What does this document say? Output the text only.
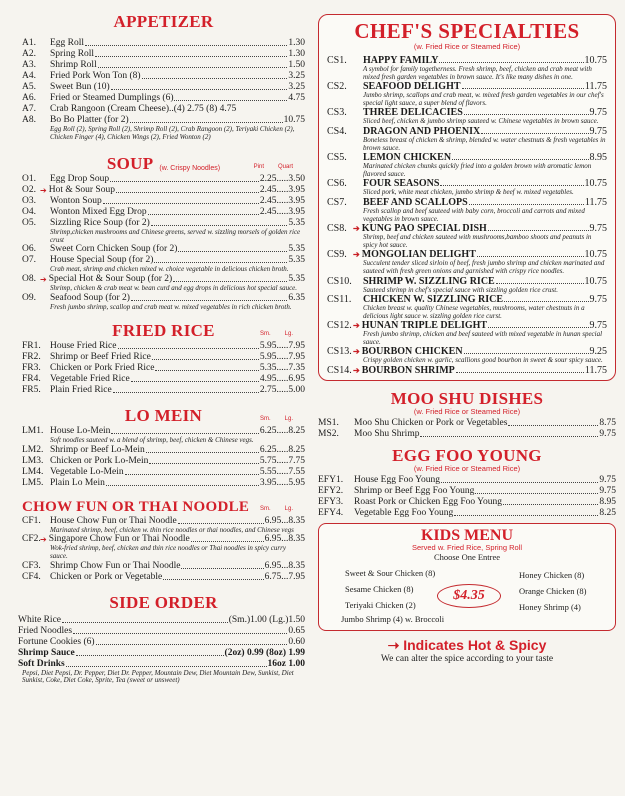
APPETIZER
A1.	Egg Roll	1.30
A2.	Spring Roll	1.30
A3.	Shrimp Roll	1.50
A4.	Fried Pork Won Ton (8)	3.25
A5.	Sweet Bun (10)	3.25
A6.	Fried or Steamed Dumplings (6)	4.75
A7.	Crab Rangoon (Cream Cheese)..(4) 2.75 (8) 4.75
A8.	Bo Bo Platter (for 2)	10.75
Egg Roll (2), Spring Roll (2), Shrimp Roll (2), Crab Rangoon (2), Teriyaki Chicken (2), Chicken Finger (4), Chicken Wings (2), Fried Wonton (2)
SOUP (w. Crispy Noodles)	Pint Quart
O1.	Egg Drop Soup	2.25.....3.50
O2. ➔ Hot & Sour Soup	2.45.....3.95
O3.	Wonton Soup	2.45.....3.95
O4.	Wonton Mixed Egg Drop	2.45.....3.95
O5.	Sizzling Rice Soup (for 2)	5.35
Shrimp,chicken mushrooms and Chinese greens, served w. sizzling morsels of golden rice crust
O6.	Sweet Corn Chicken Soup (for 2)	5.35
O7.	House Special Soup (for 2)	5.35
Crab meat, shrimp and chicken mixed w. choice vegetable in delicious chicken broth.
O8. ➔ Special Hot & Sour Soup (for 2)	5.35
Shrimp, chicken & crab meat w. bean curd and egg drops in delicious hot special sauce.
O9.	Seafood Soup (for 2)	6.35
Fresh jumbo shrimp, scallop and crab meat w. mixed vegetables in rich chicken broth.
FRIED RICE	Sm. Lg.
FR1. House Fried Rice	5.95.....7.95
FR2. Shrimp or Beef Fried Rice	5.95.....7.95
FR3. Chicken or Pork Fried Rice	5.35.....7.35
FR4. Vegetable Fried Rice	4.95.....6.95
FR5. Plain Fried Rice	2.75.....5.00
LO MEIN	Sm. Lg.
LM1. House Lo-Mein	6.25.....8.25
Soft noodles sauteed w. a blend of shrimp, beef, chicken & Chinese vegs.
LM2. Shrimp or Beef Lo-Mein	6.25.....8.25
LM3. Chicken or Pork Lo-Mein	5.75.....7.75
LM4. Vegetable Lo-Mein	5.55.....7.55
LM5. Plain Lo Mein	3.95.....5.95
CHOW FUN OR THAI NOODLE	Sm. Lg.
CF1. House Chow Fun or Thai Noodle	6.95...8.35
Marinated shrimp, beef, chicken w. thin rice noodles or thai noodles, and Chinese vegs
CF2. ➔ Singapore Chow Fun or Thai Noodle	6.95...8.35
Wok-fried shrimp, beef, chicken and thin rice noodles or Thai noodles in spicy curry sauce.
CF3. Shrimp Chow Fun or Thai Noodle	6.95...8.35
CF4. Chicken or Pork or Vegetable	6.75...7.95
SIDE ORDER
White Rice	(Sm.)1.00 (Lg.)1.50
Fried Noodles	0.65
Fortune Cookies (6)	0.60
Shrimp Sauce	(2oz) 0.99 (8oz) 1.99
Soft Drinks	16oz 1.00
Pepsi, Diet Pepsi, Dr. Pepper, Diet Dr. Pepper, Mountain Dew, Diet Mountain Dew, Sunkist, Diet Sunkist, Coke, Diet Coke, Sprite, Tea (sweet or unsweet)
CHEF'S SPECIALTIES
(w. Fried Rice or Steamed Rice)
CS1.	HAPPY FAMILY	10.75
A symbol for family togetherness. Fresh shrimp, beef, chicken and crab meat with mixed fresh garden vegetables in brown sauce. It's like many dishes in one.
CS2.	SEAFOOD DELIGHT	11.75
Jumbo shrimp, scallops and crab meat, w. mixed fresh garden vegetables in our chef's special light sauce, a super blend of flavors.
CS3.	THREE DELICACIES	9.75
Sliced beef, chicken & jumbo shrimp sauteed w. Chinese vegetables in brown sauce.
CS4.	DRAGON AND PHOENIX	9.75
Boneless breast of chicken & shrimp, blended w. water chestnuts & fresh vegetables in brown sauce.
CS5.	LEMON CHICKEN	8.95
Marinated chicken chunks quickly fried into a golden brown with aromatic lemon flavored sauce.
CS6.	FOUR SEASONS	10.75
Sliced pork, white meat chicken, jumbo shrimp & beef w. mixed vegetables.
CS7.	BEEF AND SCALLOPS	11.75
Fresh scallop and beef sauteed with baby corn, broccoli and carrots and mixed vegetables in brown sauce.
CS8. ➔ KUNG PAO SPECIAL DISH	9.75
Shrimp, beef and chicken sauteed with mushrooms,bamboo shoots and peanuts in spicy hot sauce.
CS9. ➔ MONGOLIAN DELIGHT	10.75
Succulent tender sliced sirloin of beef, fresh jumbo shrimp and chicken marinated and sauteed with fresh green onions and garnished with crispy rice noodles.
CS10.	SHRIMP W. SIZZLING RICE	10.75
Sauteed shrimp in chef's special sauce with sizzling golden rice crust.
CS11.	CHICKEN W. SIZZLING RICE	9.75
Chicken breast w. quality Chinese vegetables, mushrooms, water chestnuts in a delicious light sauce w. sizzling golden rice curst.
CS12. ➔ HUNAN TRIPLE DELIGHT	9.75
Fresh jumbo shrimp, chicken and beef sauteed with mixed vegetable in hunan special sauce.
CS13. ➔ BOURBON CHICKEN	9.25
Crispy golden chicken w. garlic, scallions good bourbon in sweet & sour spicy sauce.
CS14. ➔ BOURBON SHRIMP	11.75
MOO SHU DISHES
(w. Fried Rice or Steamed Rice)
MS1.	Moo Shu Chicken or Pork or Vegetables	8.75
MS2.	Moo Shu Shrimp	9.75
EGG FOO YOUNG
(w. Fried Rice or Steamed Rice)
EFY1.	House Egg Foo Young	9.75
EFY2.	Shrimp or Beef Egg Foo Young	9.75
EFY3.	Roast Pork or Chicken Egg Foo Young	8.95
EFY4.	Vegetable Egg Foo Young	8.25
KIDS MENU
Served w. Fried Rice, Spring Roll
Choose One Entree
Sweet & Sour Chicken (8)
Sesame Chicken (8)
Teriyaki Chicken (2)
Jumbo Shrimp (4) w. Broccoli
Honey Chicken (8)
Orange Chicken (8)
Honey Shrimp (4)
$4.35
➝ Indicates Hot & Spicy
We can alter the spice according to your taste
